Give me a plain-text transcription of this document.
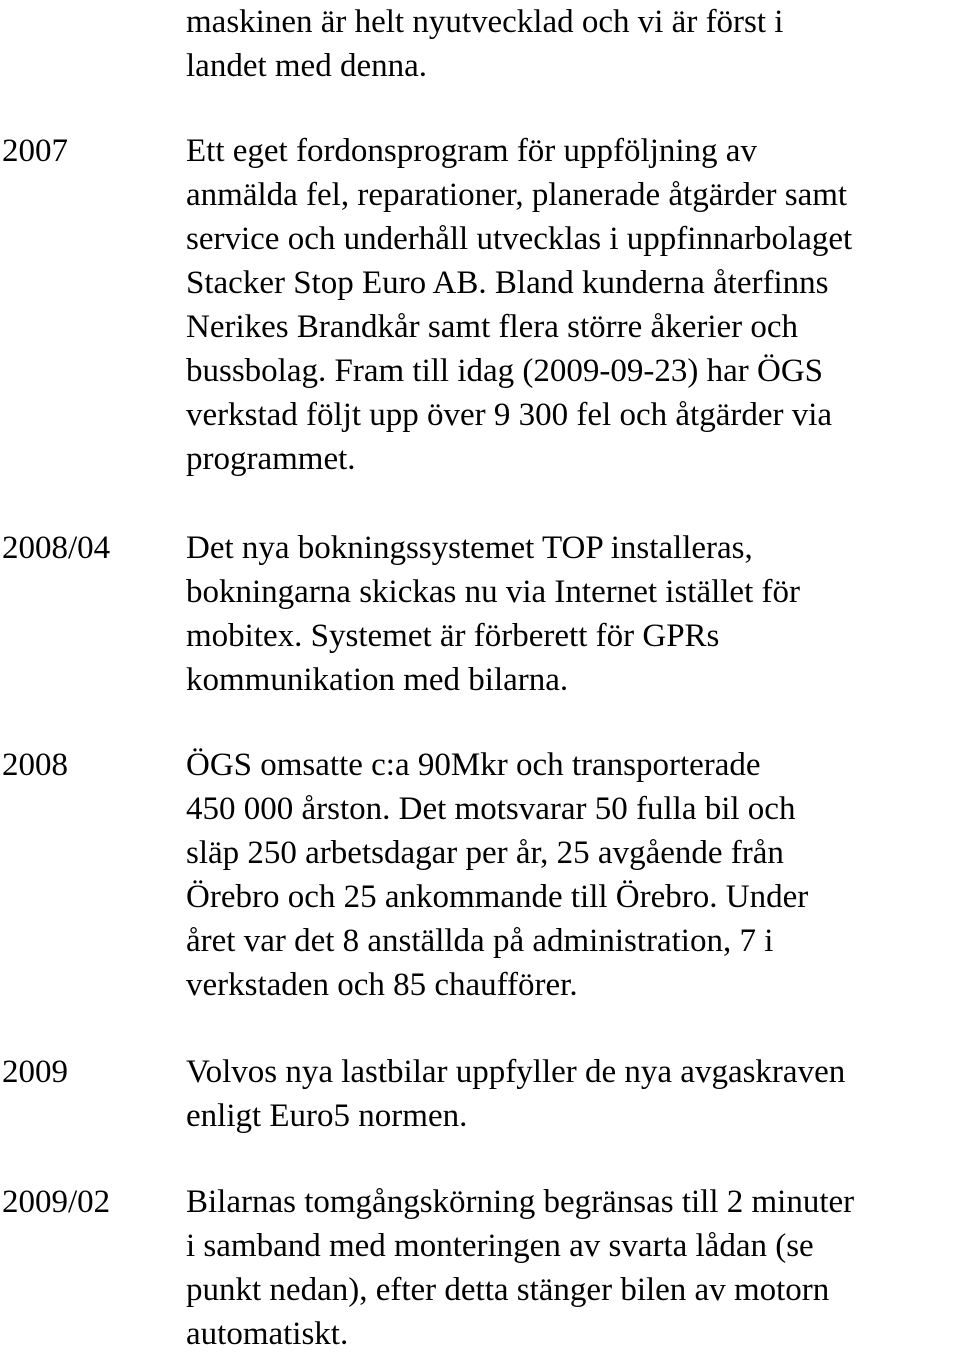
maskinen är helt nyutvecklad och vi är först i
landet med denna.
2007	Ett eget fordonsprogram för uppföljning av
anmälda fel, reparationer, planerade åtgärder samt
service och underhåll utvecklas i uppfinnarbolaget
Stacker Stop Euro AB. Bland kunderna återfinns
Nerikes Brandkår samt flera större åkerier och
bussbolag. Fram till idag (2009-09-23) har ÖGS
verkstad följt upp över 9 300 fel och åtgärder via
programmet.
2008/04 Det nya bokningssystemet TOP installeras,
bokningarna skickas nu via Internet istället för
mobitex. Systemet är förberett för GPRs
kommunikation med bilarna.
2008	ÖGS omsatte c:a 90Mkr och transporterade
450 000 årston. Det motsvarar 50 fulla bil och
släp 250 arbetsdagar per år, 25 avgående från
Örebro och 25 ankommande till Örebro. Under
året var det 8 anställda på administration, 7 i
verkstaden och 85 chaufförer.
2009	Volvos nya lastbilar uppfyller de nya avgaskraven
enligt Euro5 normen.
2009/02 Bilarnas tomgångskörning begränsas till 2 minuter
i samband med monteringen av svarta lådan (se
punkt nedan), efter detta stänger bilen av motorn
automatiskt.
